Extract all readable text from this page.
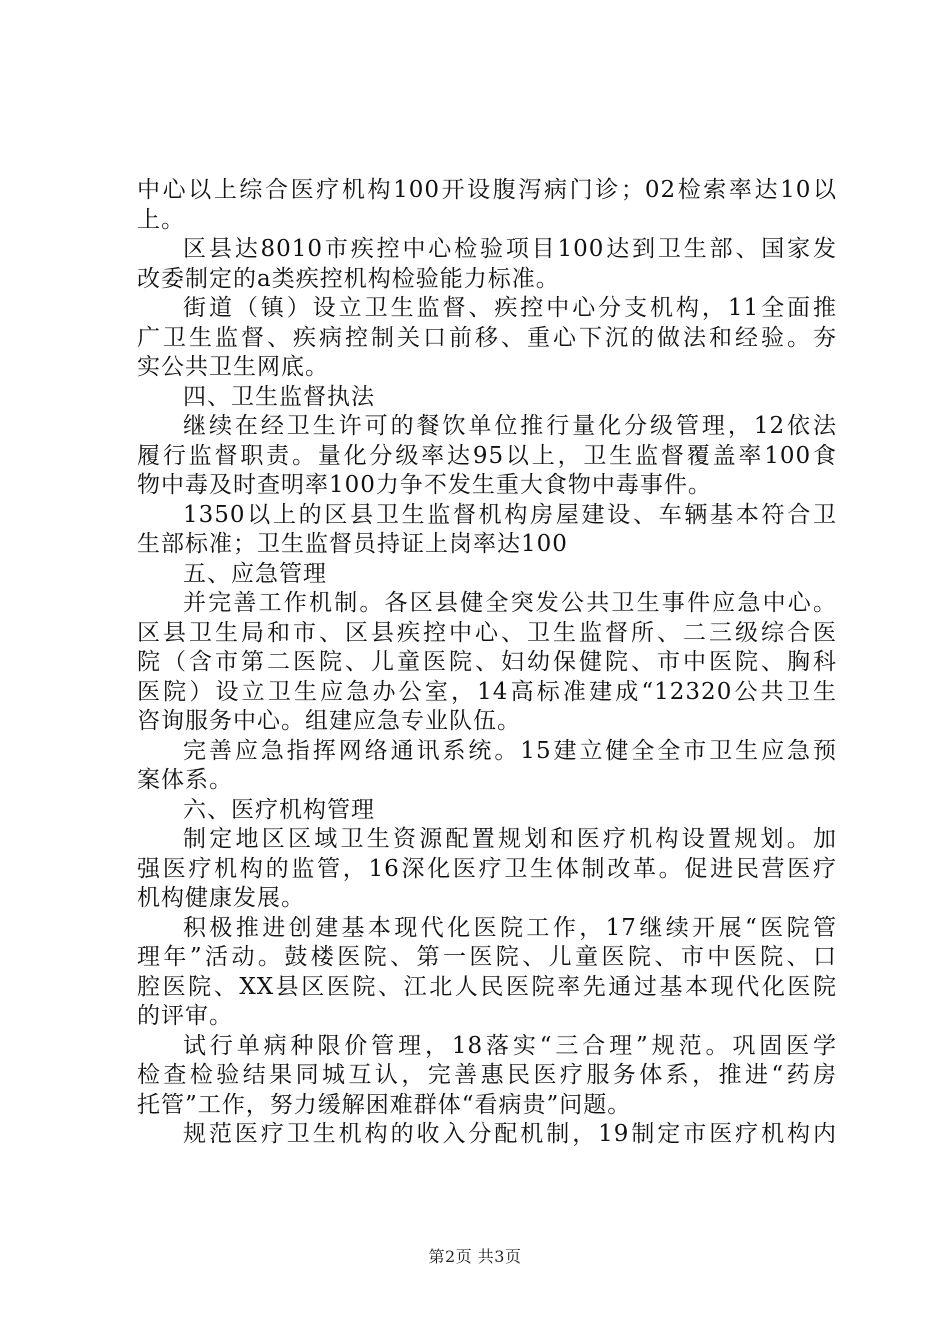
中心以上综合医疗机构100开设腹泻病门诊；02检索率达10以
上。
区县达8010市疾控中心检验项目100达到卫生部、国家发
改委制定的a类疾控机构检验能力标准。
街道（镇）设立卫生监督、疾控中心分支机构，11全面推
广卫生监督、疾病控制关口前移、重心下沉的做法和经验。夯
实公共卫生网底。
四、卫生监督执法
继续在经卫生许可的餐饮单位推行量化分级管理，12依法
履行监督职责。量化分级率达95以上，卫生监督覆盖率100食
物中毒及时查明率100力争不发生重大食物中毒事件。
1350以上的区县卫生监督机构房屋建设、车辆基本符合卫
生部标准；卫生监督员持证上岗率达100
五、应急管理
并完善工作机制。各区县健全突发公共卫生事件应急中心。
区县卫生局和市、区县疾控中心、卫生监督所、二三级综合医
院（含市第二医院、儿童医院、妇幼保健院、市中医院、胸科
医院）设立卫生应急办公室，14高标准建成“12320公共卫生
咨询服务中心。组建应急专业队伍。
完善应急指挥网络通讯系统。15建立健全全市卫生应急预
案体系。
六、医疗机构管理
制定地区区域卫生资源配置规划和医疗机构设置规划。加
强医疗机构的监管，16深化医疗卫生体制改革。促进民营医疗
机构健康发展。
积极推进创建基本现代化医院工作，17继续开展“医院管
理年”活动。鼓楼医院、第一医院、儿童医院、市中医院、口
腔医院、XX县区医院、江北人民医院率先通过基本现代化医院
的评审。
试行单病种限价管理，18落实“三合理”规范。巩固医学
检查检验结果同城互认，完善惠民医疗服务体系，推进“药房
托管”工作，努力缓解困难群体“看病贵”问题。
规范医疗卫生机构的收入分配机制，19制定市医疗机构内
第2页 共3页
